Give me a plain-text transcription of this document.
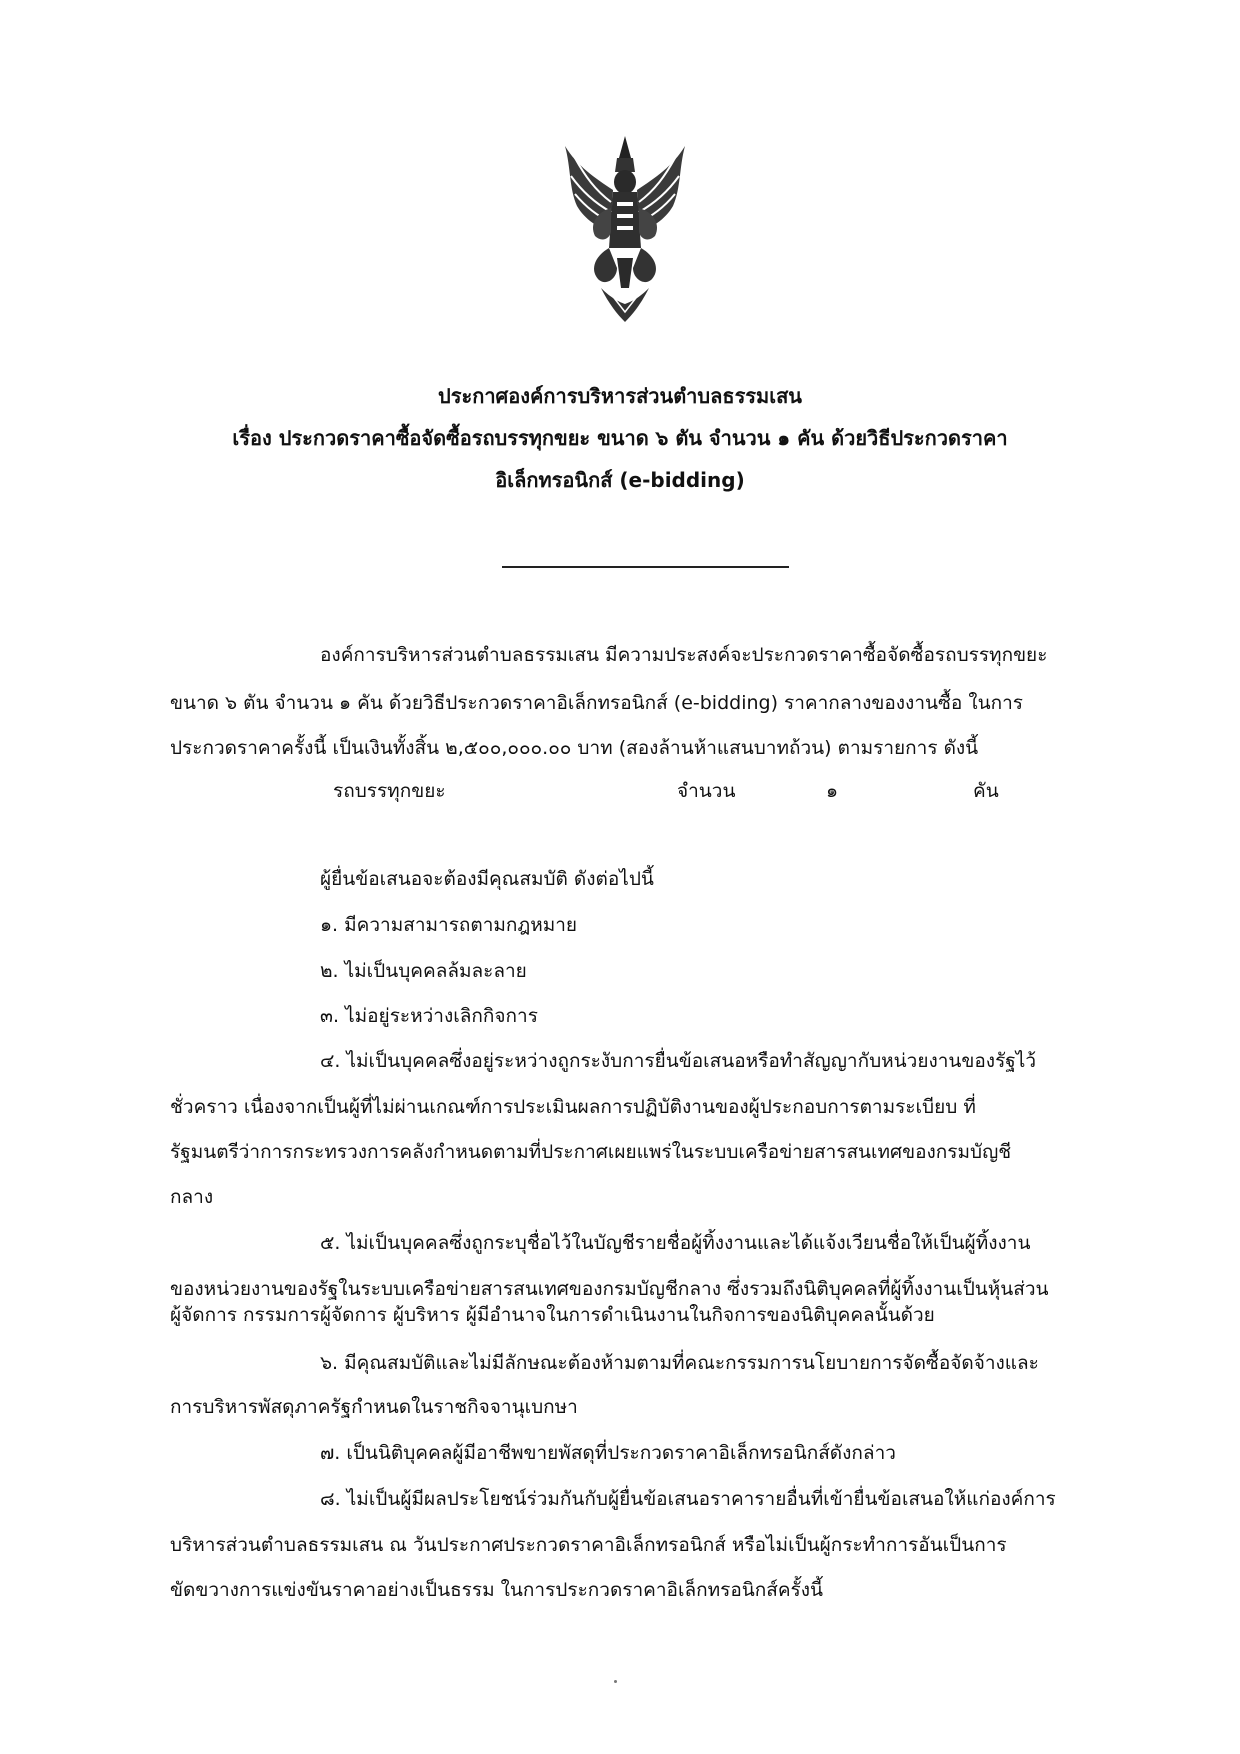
ประกาศองค์การบริหารส่วนตำบลธรรมเสน
เรื่อง ประกวดราคาซื้อจัดซื้อรถบรรทุกขยะ ขนาด ๖ ตัน จำนวน ๑ คัน ด้วยวิธีประกวดราคา
อิเล็กทรอนิกส์ (e-bidding)
องค์การบริหารส่วนตำบลธรรมเสน มีความประสงค์จะประกวดราคาซื้อจัดซื้อรถบรรทุกขยะ
ขนาด ๖ ตัน จำนวน ๑ คัน ด้วยวิธีประกวดราคาอิเล็กทรอนิกส์ (e-bidding) ราคากลางของงานซื้อ ในการ
ประกวดราคาครั้งนี้ เป็นเงินทั้งสิ้น ๒,๕๐๐,๐๐๐.๐๐ บาท (สองล้านห้าแสนบาทถ้วน) ตามรายการ ดังนี้
รถบรรทุกขยะ	จำนวน	๑	คัน
ผู้ยื่นข้อเสนอจะต้องมีคุณสมบัติ ดังต่อไปนี้
๑. มีความสามารถตามกฎหมาย
๒. ไม่เป็นบุคคลล้มละลาย
๓. ไม่อยู่ระหว่างเลิกกิจการ
๔. ไม่เป็นบุคคลซึ่งอยู่ระหว่างถูกระงับการยื่นข้อเสนอหรือทำสัญญากับหน่วยงานของรัฐไว้
ชั่วคราว เนื่องจากเป็นผู้ที่ไม่ผ่านเกณฑ์การประเมินผลการปฏิบัติงานของผู้ประกอบการตามระเบียบ ที่
รัฐมนตรีว่าการกระทรวงการคลังกำหนดตามที่ประกาศเผยแพร่ในระบบเครือข่ายสารสนเทศของกรมบัญชี
กลาง
๕. ไม่เป็นบุคคลซึ่งถูกระบุชื่อไว้ในบัญชีรายชื่อผู้ทิ้งงานและได้แจ้งเวียนชื่อให้เป็นผู้ทิ้งงาน
ของหน่วยงานของรัฐในระบบเครือข่ายสารสนเทศของกรมบัญชีกลาง ซึ่งรวมถึงนิติบุคคลที่ผู้ทิ้งงานเป็นหุ้นส่วน
ผู้จัดการ กรรมการผู้จัดการ ผู้บริหาร ผู้มีอำนาจในการดำเนินงานในกิจการของนิติบุคคลนั้นด้วย
๖. มีคุณสมบัติและไม่มีลักษณะต้องห้ามตามที่คณะกรรมการนโยบายการจัดซื้อจัดจ้างและ
การบริหารพัสดุภาครัฐกำหนดในราชกิจจานุเบกษา
๗. เป็นนิติบุคคลผู้มีอาชีพขายพัสดุที่ประกวดราคาอิเล็กทรอนิกส์ดังกล่าว
๘. ไม่เป็นผู้มีผลประโยชน์ร่วมกันกับผู้ยื่นข้อเสนอราคารายอื่นที่เข้ายื่นข้อเสนอให้แก่องค์การ
บริหารส่วนตำบลธรรมเสน ณ วันประกาศประกวดราคาอิเล็กทรอนิกส์ หรือไม่เป็นผู้กระทำการอันเป็นการ
ขัดขวางการแข่งขันราคาอย่างเป็นธรรม ในการประกวดราคาอิเล็กทรอนิกส์ครั้งนี้
